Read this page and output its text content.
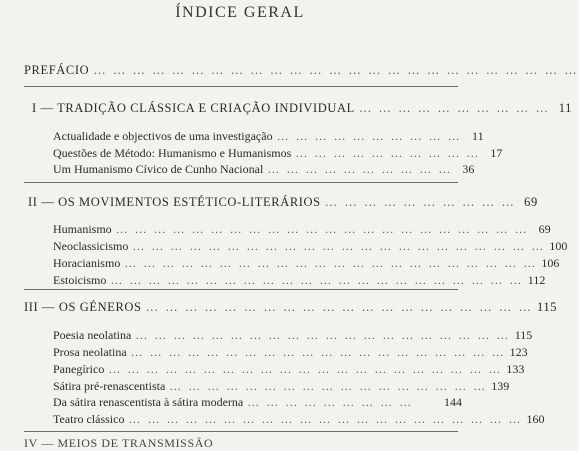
ÍNDICE GERAL
PREFÁCIO … … … … … … … … … … … … … … … … … … … … … … … … …
I — TRADIÇÃO CLÁSSICA E CRIAÇÃO INDIVIDUAL … … … … … … … … … … 11
Actualidade e objectivos de uma investigação … … … … … … … … … … 11
Questões de Método: Humanismo e Humanismos … … … … … … … … … … 17
Um Humanismo Cívico de Cunho Nacional … … … … … … … … … … 36
II — OS MOVIMENTOS ESTÉTICO-LITERÁRIOS … … … … … … … … … … 69
Humanismo … … … … … … … … … … … … … … … … … … … … … … 69
Neoclassicismo … … … … … … … … … … … … … … … … … … … … … … 100
Horacianismo … … … … … … … … … … … … … … … … … … … … … … 106
Estoicismo … … … … … … … … … … … … … … … … … … … … … … 112
III — OS GÉNEROS … … … … … … … … … … … … … … … … … … … … 115
Poesia neolatina … … … … … … … … … … … … … … … … … … … … 115
Prosa neolatina … … … … … … … … … … … … … … … … … … … … 123
Panegírico … … … … … … … … … … … … … … … … … … … … … 133
Sátira pré-renascentista … … … … … … … … … … … … … … … … … 139
Da sátira renascentista à sátira moderna … … … … … … … … …	144
Teatro clássico … … … … … … … … … … … … … … … … … … … … … 160
IV — MEIOS DE TRANSMISSÃO
